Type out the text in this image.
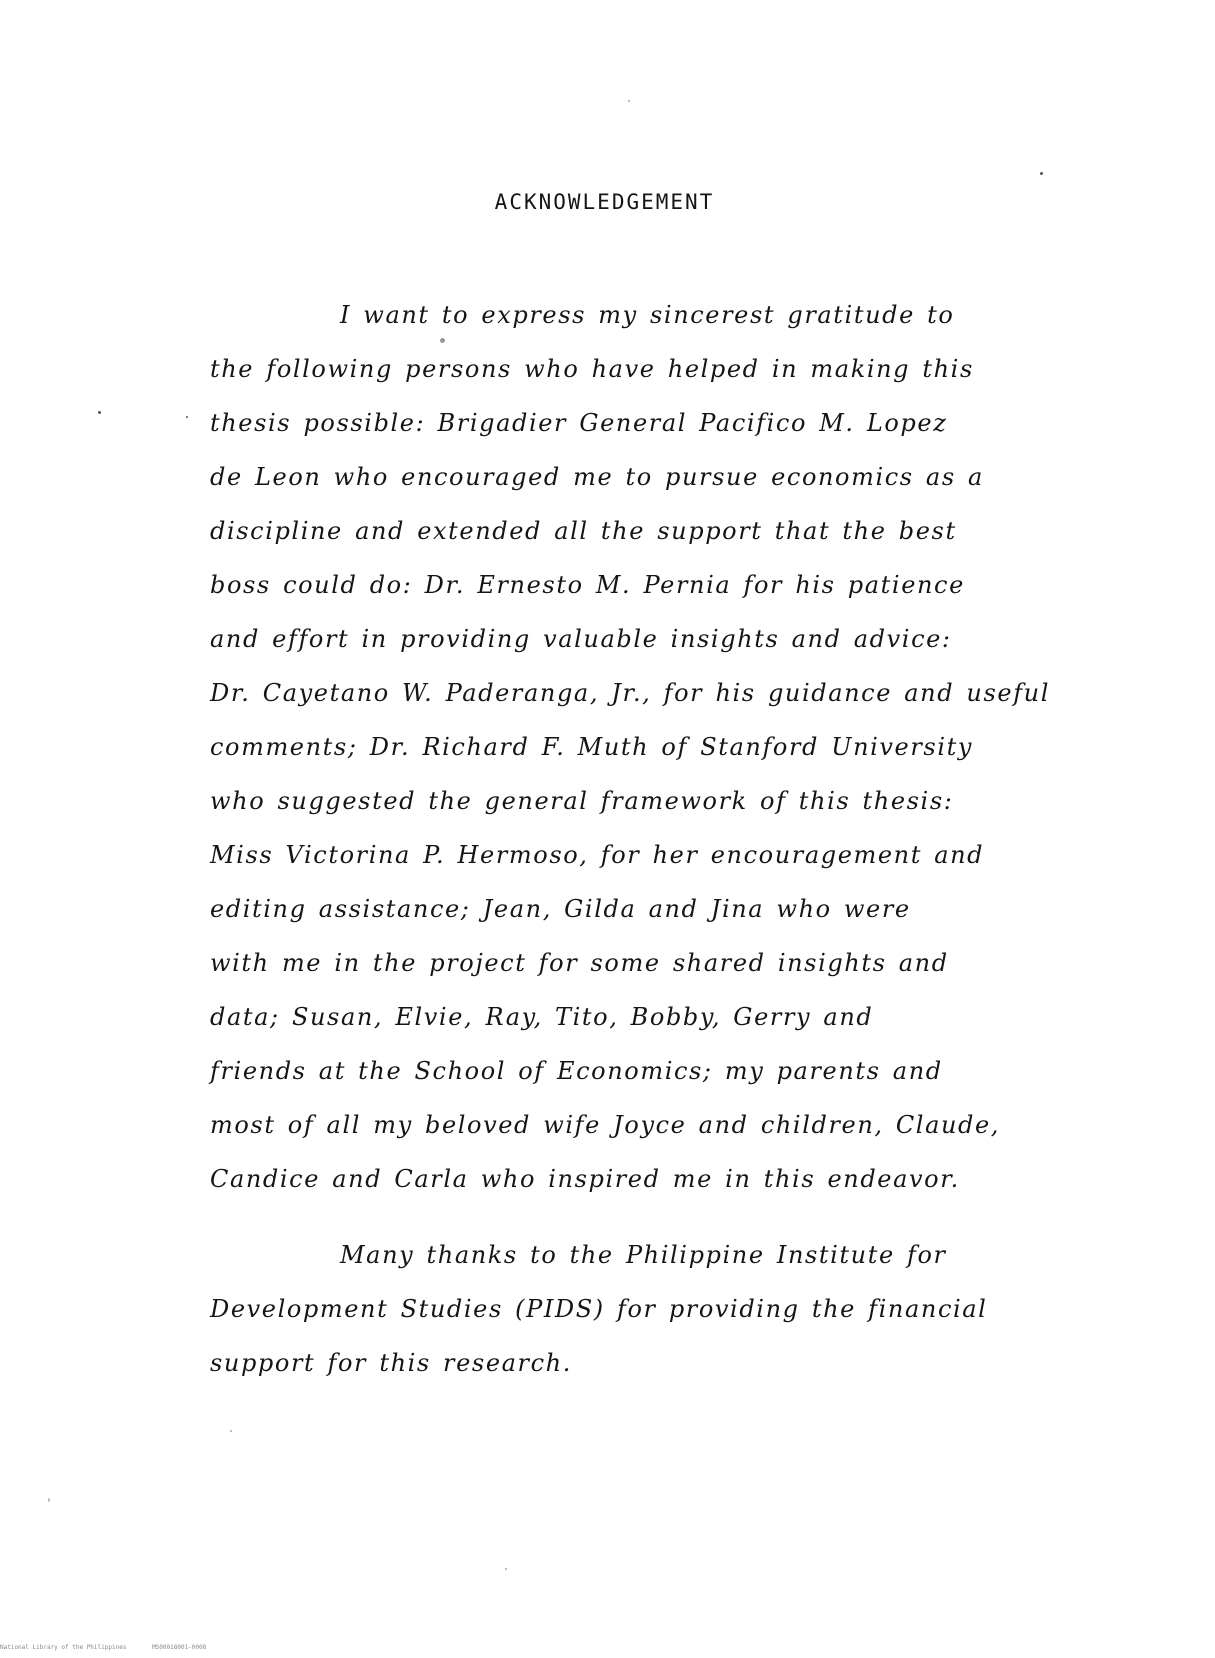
ACKNOWLEDGEMENT
I want to express my sincerest gratitude to
the following persons who have helped in making this
thesis possible: Brigadier General Pacifico M. Lopez
de Leon who encouraged me to pursue economics as a
discipline and extended all the support that the best
boss could do: Dr. Ernesto M. Pernia for his patience
and effort in providing valuable insights and advice:
Dr. Cayetano W. Paderanga, Jr., for his guidance and useful
comments; Dr. Richard F. Muth of Stanford University
who suggested the general framework of this thesis:
Miss Victorina P. Hermoso, for her encouragement and
editing assistance; Jean, Gilda and Jina who were
with me in the project for some shared insights and
data; Susan, Elvie, Ray, Tito, Bobby, Gerry and
friends at the School of Economics; my parents and
most of all my beloved wife Joyce and children, Claude,
Candice and Carla who inspired me in this endeavor.
Many thanks to the Philippine Institute for
Development Studies (PIDS) for providing the financial
support for this research.
National Library of the Philippines	MS00018001-0008
